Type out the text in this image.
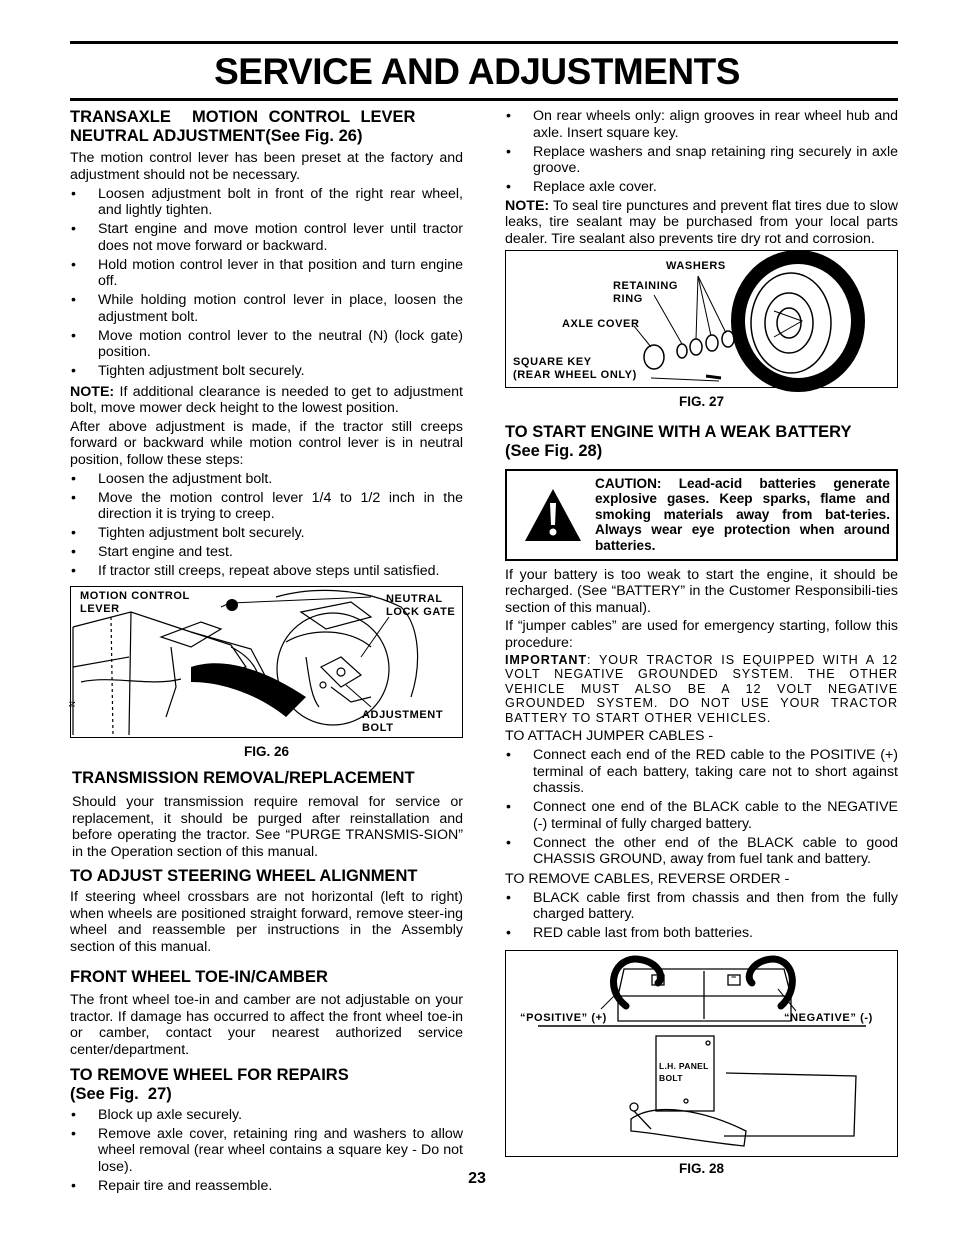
SERVICE AND ADJUSTMENTS
TRANSAXLE  MOTION CONTROL LEVER
NEUTRAL ADJUSTMENT(See Fig. 26)

The motion control lever has been preset at the factory and adjustment should not be necessary.

• Loosen adjustment bolt in front of the right rear wheel, and lightly tighten.
• Start engine and move motion control lever until tractor does not move forward or backward.
• Hold motion control lever in that position and turn engine off.
• While holding motion control lever in place, loosen the adjustment bolt.
• Move motion control lever to the neutral (N) (lock gate) position.
• Tighten adjustment bolt securely.

NOTE: If additional clearance is needed to get to adjustment bolt, move mower deck height to the lowest position.

After above adjustment is made, if the tractor still creeps forward or backward while motion control lever is in neutral position, follow these steps:

• Loosen the adjustment bolt.
• Move the motion control lever 1/4 to 1/2 inch in the direction it is trying to creep.
• Tighten adjustment bolt securely.
• Start engine and test.
• If tractor still creeps, repeat above steps until satisfied.
N
MOTION CONTROL
LEVER
NEUTRAL
LOCK GATE
ADJUSTMENT
BOLT
FIG. 26
TRANSMISSION REMOVAL/REPLACEMENT

Should your transmission require removal for service or replacement, it should be purged after reinstallation and before operating the tractor. See “PURGE TRANSMIS-SION” in the Operation section of this manual.

TO ADJUST STEERING WHEEL ALIGNMENT

If steering wheel crossbars are not horizontal (left to right) when wheels are positioned straight forward, remove steer-ing wheel and reassemble per instructions in the Assembly section of this manual.

FRONT WHEEL TOE-IN/CAMBER

The front wheel toe-in and camber are not adjustable on your tractor. If damage has occurred to affect the front wheel toe-in or camber, contact your nearest authorized service center/department.

TO REMOVE WHEEL FOR REPAIRS
(See Fig.  27)
• Block up axle securely.
• Remove axle cover, retaining ring and washers to allow wheel removal (rear wheel contains a square key - Do not lose).
• Repair tire and reassemble.
• On rear wheels only: align grooves in rear wheel hub and axle. Insert square key.
• Replace washers and snap retaining ring securely in axle groove.
• Replace axle cover.

NOTE: To seal tire punctures and prevent flat tires due to slow leaks, tire sealant may be purchased from your local parts dealer. Tire sealant also prevents tire dry rot and corrosion.

WASHERS
RETAINING
RING
AXLE COVER
SQUARE KEY
(REAR WHEEL ONLY)
FIG. 27
TO START ENGINE WITH A WEAK BATTERY
(See Fig. 28)
CAUTION: Lead-acid batteries generate explosive gases. Keep sparks, flame and smoking materials away from bat-teries. Always wear eye protection when around batteries.

If your battery is too weak to start the engine, it should be recharged. (See “BATTERY” in the Customer Responsibili-ties section of this manual).

If “jumper cables” are used for emergency starting, follow this procedure:

IMPORTANT: YOUR TRACTOR IS EQUIPPED WITH A 12 VOLT NEGATIVE GROUNDED SYSTEM. THE OTHER VEHICLE MUST ALSO BE A 12 VOLT NEGATIVE GROUNDED SYSTEM. DO NOT USE YOUR TRACTOR BATTERY TO START OTHER VEHICLES.

TO ATTACH JUMPER CABLES -

• Connect each end of the RED cable to the POSITIVE (+) terminal of each battery, taking care not to short against chassis.
• Connect one end of the BLACK cable to the NEGATIVE (-) terminal of fully charged battery.
• Connect the other end of the BLACK cable to good CHASSIS GROUND, away from fuel tank and battery.

TO REMOVE CABLES, REVERSE ORDER -

• BLACK cable first from chassis and then from the fully charged battery.
• RED cable last from both batteries.
“POSITIVE” (+)	“NEGATIVE” (-)
+	−
L.H. PANEL
BOLT
FIG. 28
23
